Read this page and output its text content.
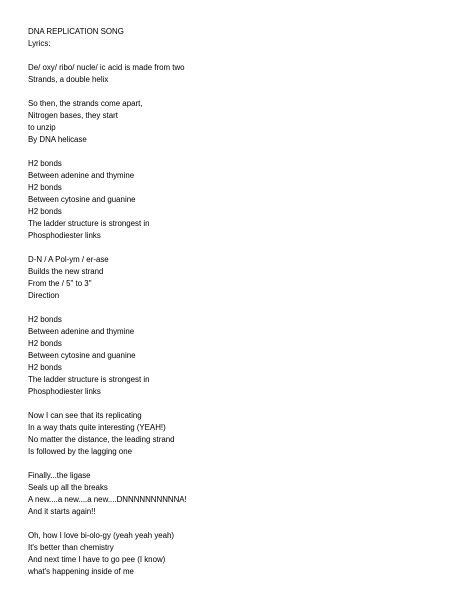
DNA REPLICATION SONG
Lyrics:
De/ oxy/ ribo/ nucle/ ic acid is made from two
Strands, a double helix
So then, the strands come apart,
Nitrogen bases, they start
to unzip
By DNA helicase
H2 bonds
Between adenine and thymine
H2 bonds
Between cytosine and guanine
H2 bonds
The ladder structure is strongest in
Phosphodiester links
D-N / A Pol-ym / er-ase
Builds the new strand
From the / 5" to 3"
Direction
H2 bonds
Between adenine and thymine
H2 bonds
Between cytosine and guanine
H2 bonds
The ladder structure is strongest in
Phosphodiester links
Now I can see that its replicating
In a way thats quite interesting (YEAH!)
No matter the distance, the leading strand
Is followed by the lagging one
Finally...the ligase
Seals up all the breaks
A new....a new....a new....DNNNNNNNNNNA!
And it starts again!!
Oh, how I love bi-olo-gy (yeah yeah yeah)
It's better than chemistry
And next time I have to go pee (I know)
what's happening inside of me
